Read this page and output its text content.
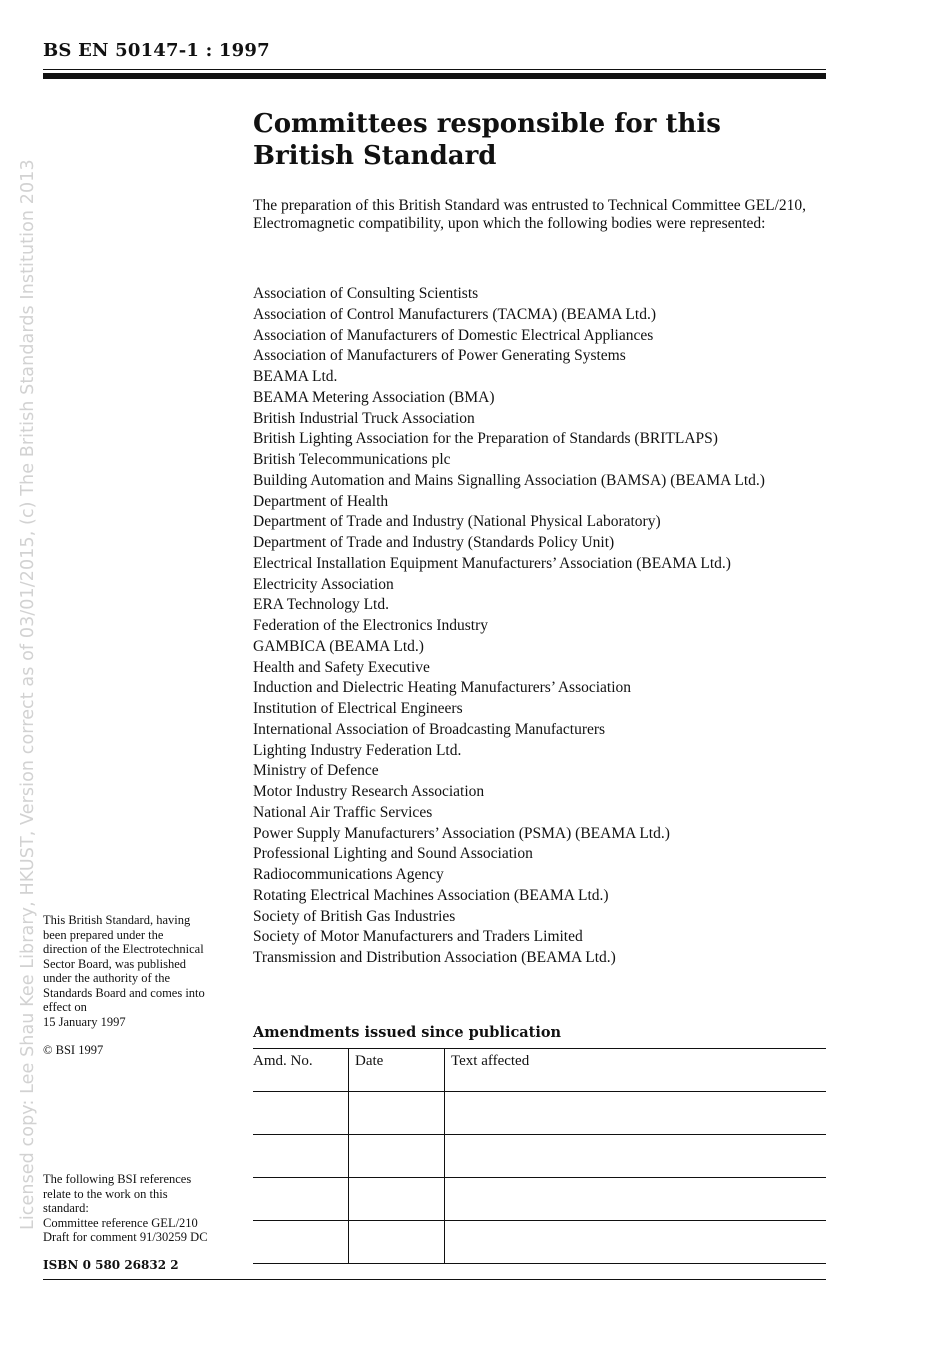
BS EN 50147-1 : 1997
Licensed copy: Lee Shau Kee Library, HKUST, Version correct as of 03/01/2015, (c) The British Standards Institution 2013
Committees responsible for this
British Standard

The preparation of this British Standard was entrusted to Technical Committee GEL/210, Electromagnetic compatibility, upon which the following bodies were represented:

Association of Consulting Scientists
Association of Control Manufacturers (TACMA) (BEAMA Ltd.)
Association of Manufacturers of Domestic Electrical Appliances
Association of Manufacturers of Power Generating Systems
BEAMA Ltd.
BEAMA Metering Association (BMA)
British Industrial Truck Association
British Lighting Association for the Preparation of Standards (BRITLAPS)
British Telecommunications plc
Building Automation and Mains Signalling Association (BAMSA) (BEAMA Ltd.)
Department of Health
Department of Trade and Industry (National Physical Laboratory)
Department of Trade and Industry (Standards Policy Unit)
Electrical Installation Equipment Manufacturers’ Association (BEAMA Ltd.)
Electricity Association
ERA Technology Ltd.
Federation of the Electronics Industry
GAMBICA (BEAMA Ltd.)
Health and Safety Executive
Induction and Dielectric Heating Manufacturers’ Association
Institution of Electrical Engineers
International Association of Broadcasting Manufacturers
Lighting Industry Federation Ltd.
Ministry of Defence
Motor Industry Research Association
National Air Traffic Services
Power Supply Manufacturers’ Association (PSMA) (BEAMA Ltd.)
Professional Lighting and Sound Association
Radiocommunications Agency
Rotating Electrical Machines Association (BEAMA Ltd.)
Society of British Gas Industries
Society of Motor Manufacturers and Traders Limited
Transmission and Distribution Association (BEAMA Ltd.)

This British Standard, having

been prepared under the

direction of the Electrotechnical

Sector Board, was published

under the authority of the

Standards Board and comes into

effect on

15 January 1997

© BSI 1997

The following BSI references

relate to the work on this

standard:

Committee reference GEL/210

Draft for comment 91/30259 DC

ISBN 0 580 26832 2
Amendments issued since publication
Amd. No.	Date	Text affected
